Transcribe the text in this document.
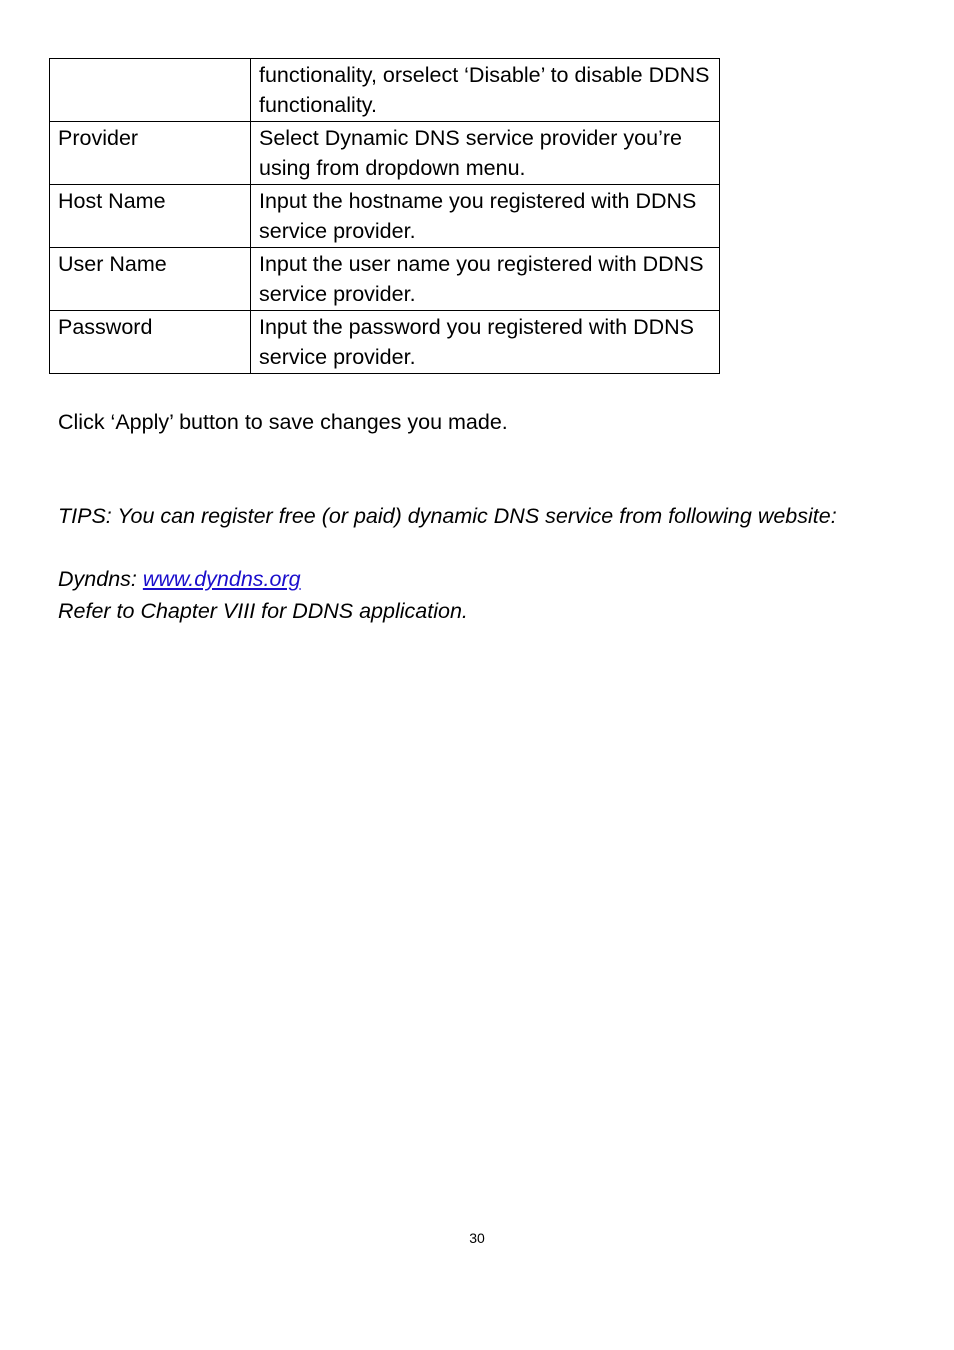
	functionality, orselect ‘Disable’ to disable DDNS functionality.
Provider	Select Dynamic DNS service provider you’re using from dropdown menu.
Host Name	Input the hostname you registered with DDNS service provider.
User Name	Input the user name you registered with DDNS service provider.
Password	Input the password you registered with DDNS service provider.

Click ‘Apply’ button to save changes you made.

TIPS: You can register free (or paid) dynamic DNS service from following website:

Dyndns: www.dyndns.org

Refer to Chapter VIII for DDNS application.

30
